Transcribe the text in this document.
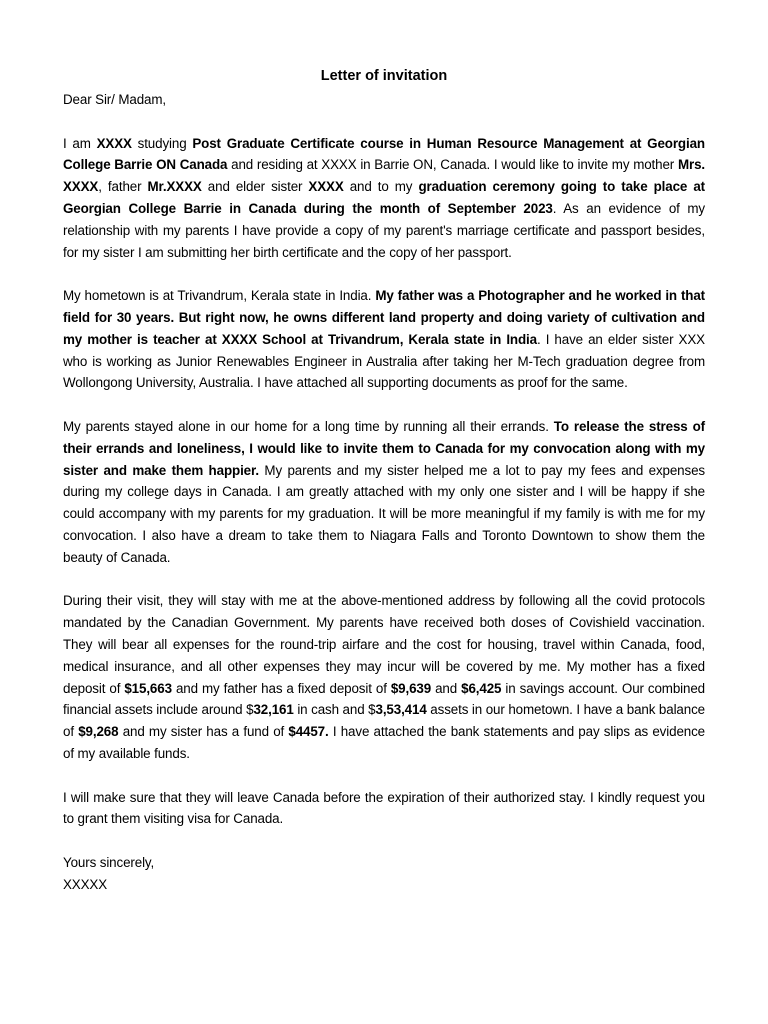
Letter of invitation
Dear Sir/ Madam,

I am XXXX studying Post Graduate Certificate course in Human Resource Management at Georgian College Barrie ON Canada and residing at XXXX in Barrie ON, Canada. I would like to invite my mother Mrs. XXXX, father Mr.XXXX and elder sister XXXX and to my graduation ceremony going to take place at Georgian College Barrie in Canada during the month of September 2023. As an evidence of my relationship with my parents I have provide a copy of my parent's marriage certificate and passport besides, for my sister I am submitting her birth certificate and the copy of her passport.

My hometown is at Trivandrum, Kerala state in India. My father was a Photographer and he worked in that field for 30 years. But right now, he owns different land property and doing variety of cultivation and my mother is teacher at XXXX School at Trivandrum, Kerala state in India. I have an elder sister XXX who is working as Junior Renewables Engineer in Australia after taking her M-Tech graduation degree from Wollongong University, Australia. I have attached all supporting documents as proof for the same.

My parents stayed alone in our home for a long time by running all their errands. To release the stress of their errands and loneliness, I would like to invite them to Canada for my convocation along with my sister and make them happier. My parents and my sister helped me a lot to pay my fees and expenses during my college days in Canada. I am greatly attached with my only one sister and I will be happy if she could accompany with my parents for my graduation. It will be more meaningful if my family is with me for my convocation. I also have a dream to take them to Niagara Falls and Toronto Downtown to show them the beauty of Canada.

During their visit, they will stay with me at the above-mentioned address by following all the covid protocols mandated by the Canadian Government. My parents have received both doses of Covishield vaccination. They will bear all expenses for the round-trip airfare and the cost for housing, travel within Canada, food, medical insurance, and all other expenses they may incur will be covered by me. My mother has a fixed deposit of $15,663 and my father has a fixed deposit of $9,639 and $6,425 in savings account. Our combined financial assets include around $32,161 in cash and $3,53,414 assets in our hometown. I have a bank balance of $9,268 and my sister has a fund of $4457. I have attached the bank statements and pay slips as evidence of my available funds.

I will make sure that they will leave Canada before the expiration of their authorized stay. I kindly request you to grant them visiting visa for Canada.

Yours sincerely,
XXXXX
